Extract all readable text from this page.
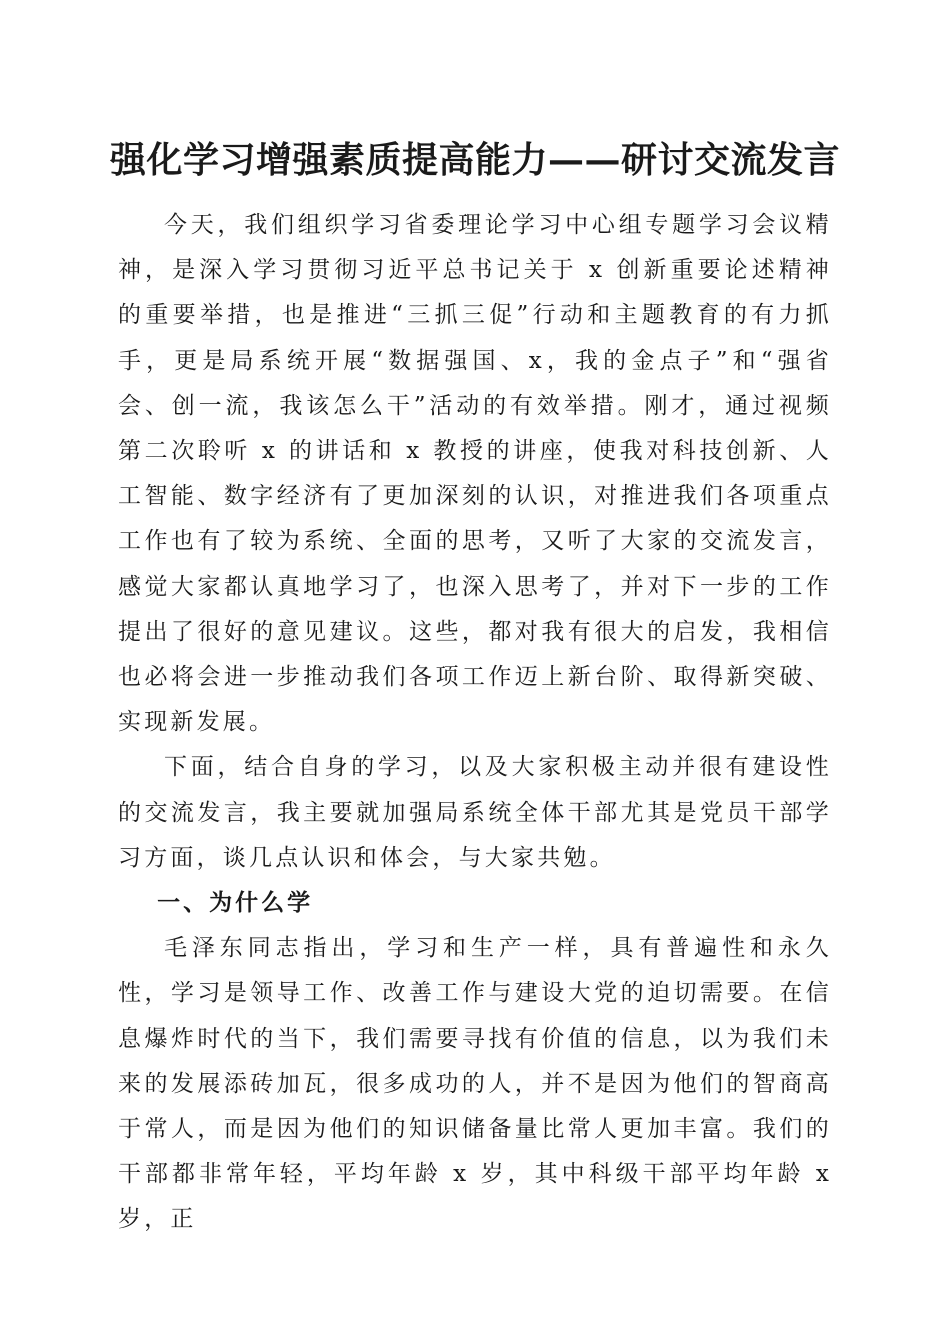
强化学习增强素质提高能力——研讨交流发言

今天，我们组织学习省委理论学习中心组专题学习会议精神，是深入学习贯彻习近平总书记关于 x 创新重要论述精神的重要举措，也是推进“三抓三促”行动和主题教育的有力抓手，更是局系统开展“数据强国、x，我的金点子”和“强省会、创一流，我该怎么干”活动的有效举措。刚才，通过视频第二次聆听 x 的讲话和 x 教授的讲座，使我对科技创新、人工智能、数字经济有了更加深刻的认识，对推进我们各项重点工作也有了较为系统、全面的思考，又听了大家的交流发言，感觉大家都认真地学习了，也深入思考了，并对下一步的工作提出了很好的意见建议。这些，都对我有很大的启发，我相信也必将会进一步推动我们各项工作迈上新台阶、取得新突破、实现新发展。

下面，结合自身的学习，以及大家积极主动并很有建设性的交流发言，我主要就加强局系统全体干部尤其是党员干部学习方面，谈几点认识和体会，与大家共勉。

一、为什么学

毛泽东同志指出，学习和生产一样，具有普遍性和永久性，学习是领导工作、改善工作与建设大党的迫切需要。在信息爆炸时代的当下，我们需要寻找有价值的信息，以为我们未来的发展添砖加瓦，很多成功的人，并不是因为他们的智商高于常人，而是因为他们的知识储备量比常人更加丰富。我们的干部都非常年轻，平均年龄 x 岁，其中科级干部平均年龄 x 岁，正
